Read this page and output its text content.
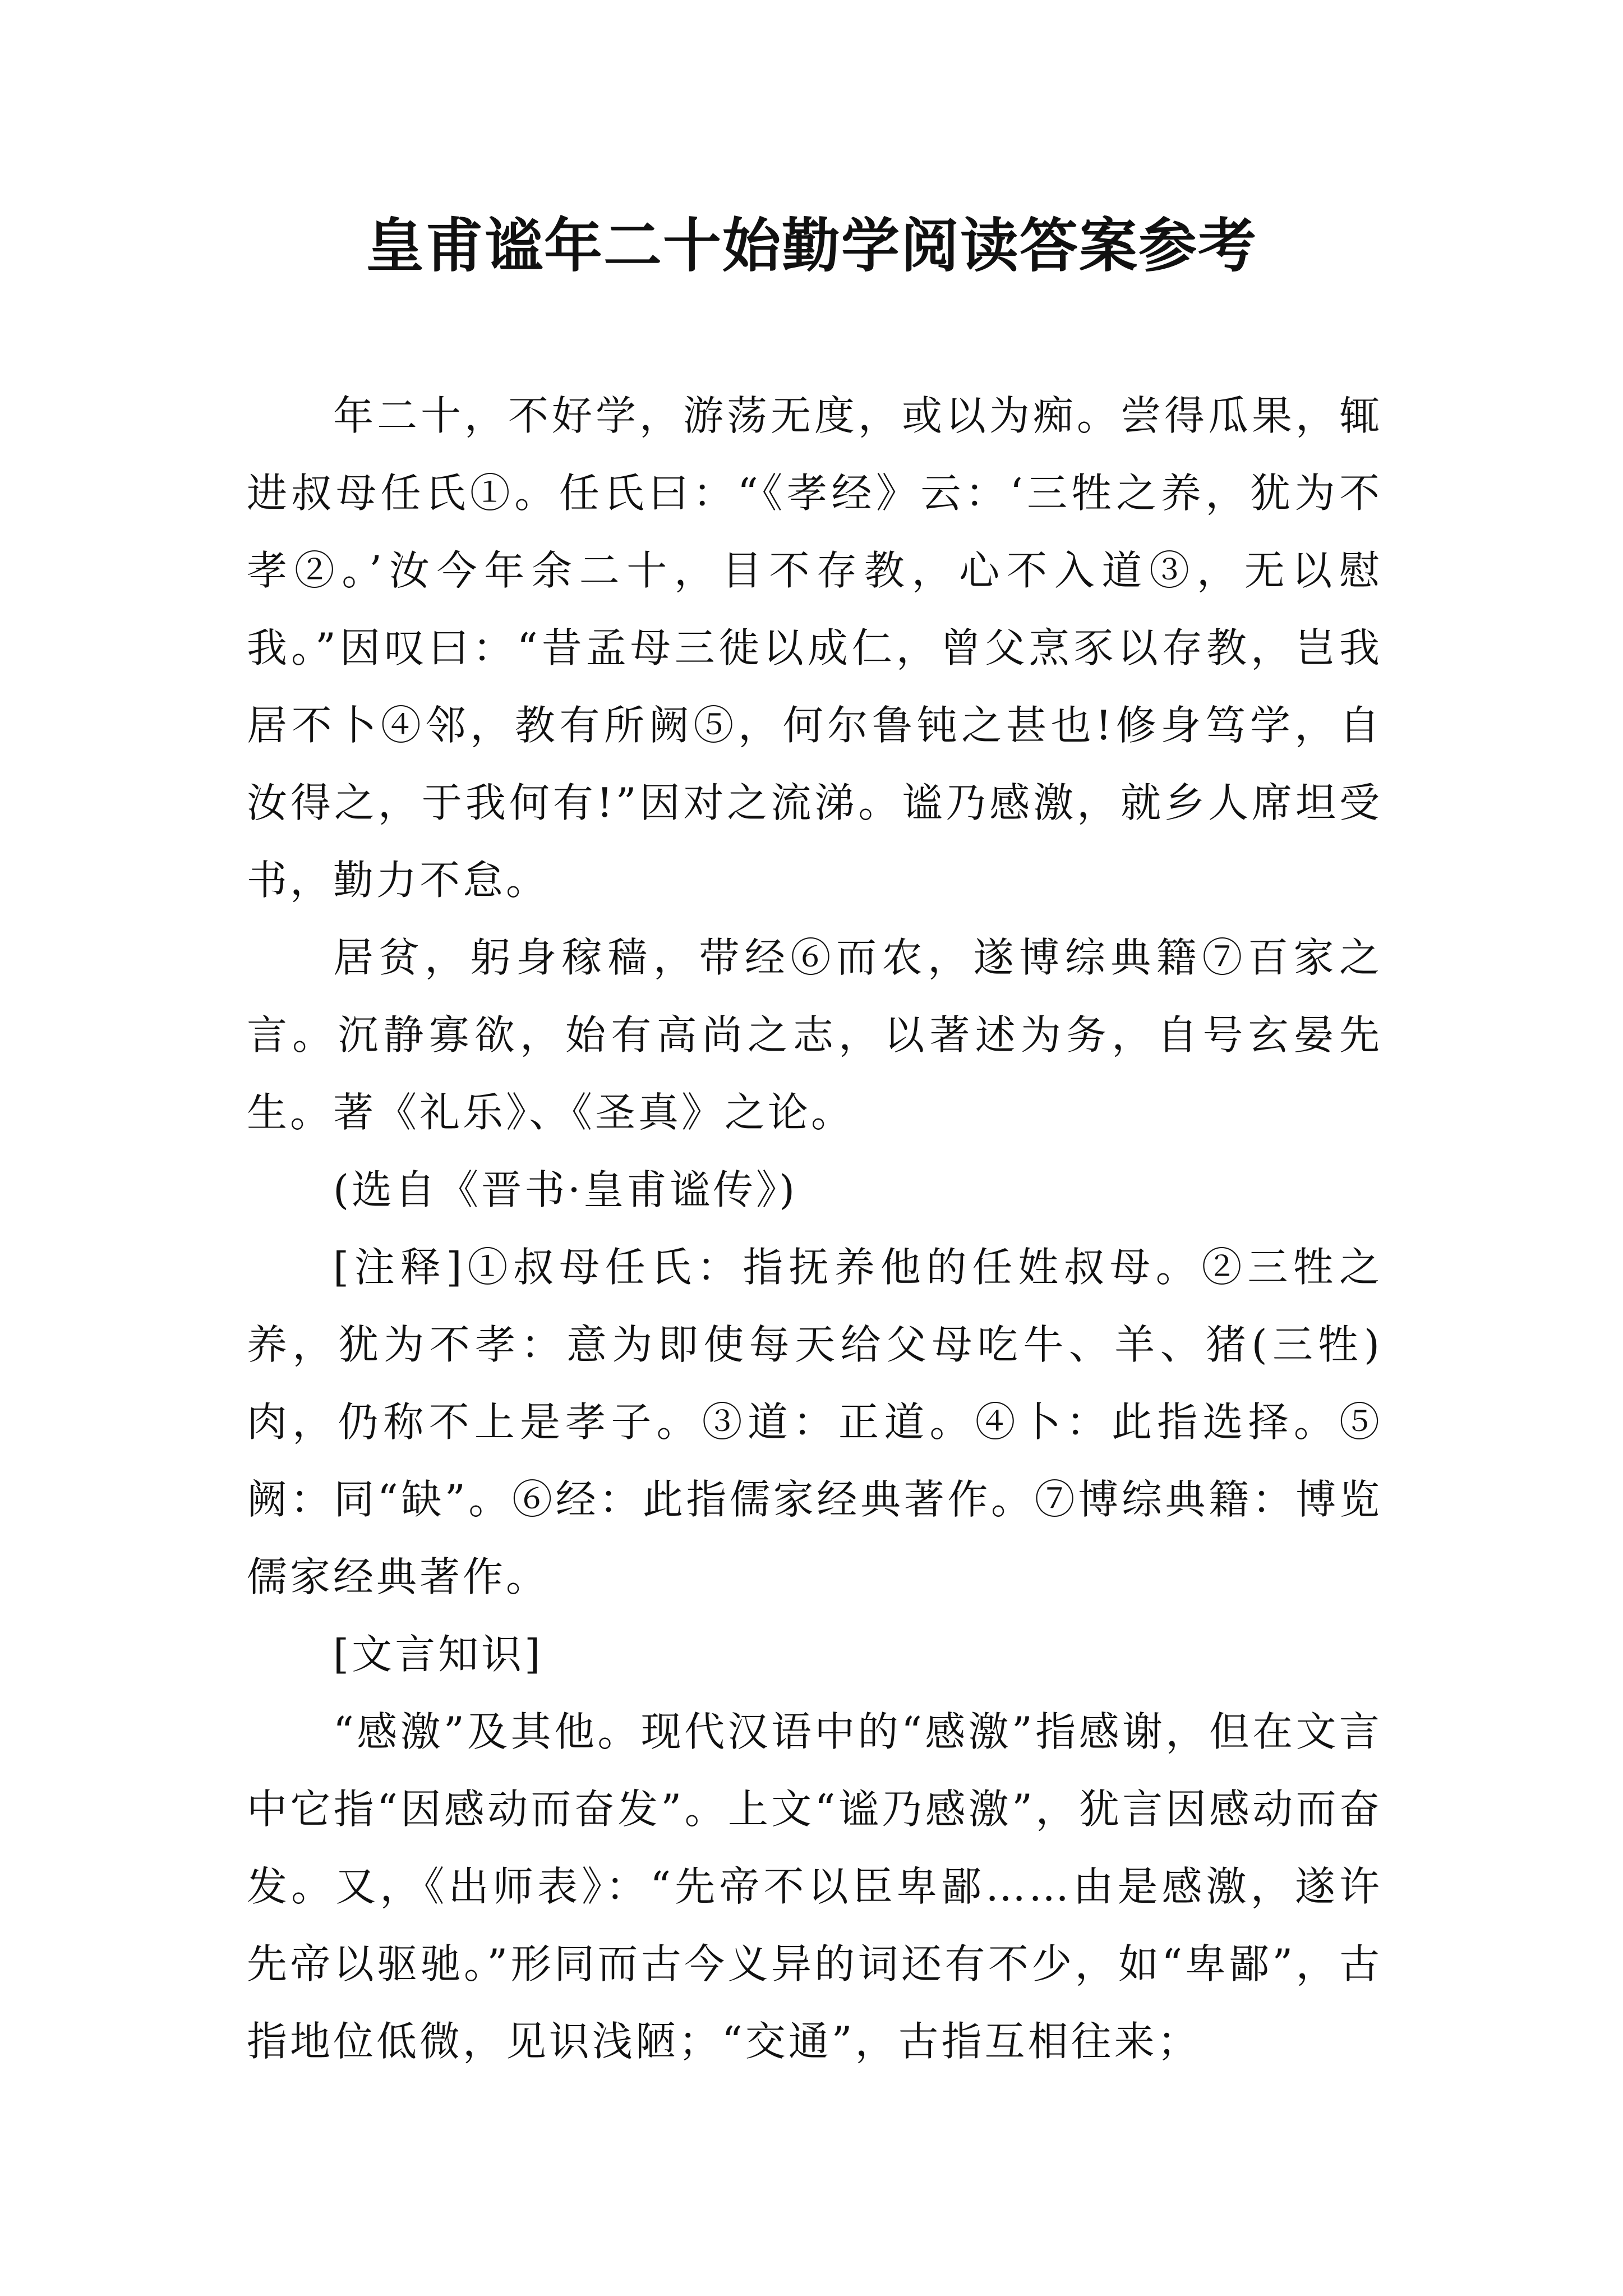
皇甫谧年二十始勤学阅读答案参考

年二十，不好学，游荡无度，或以为痴。尝得瓜果，辄进叔母任氏①。任氏曰：“《孝经》云：‘三牲之养，犹为不孝②。’汝今年余二十，目不存教，心不入道③，无以慰我。”因叹曰：“昔孟母三徙以成仁，曾父烹豕以存教，岂我居不卜④邻，教有所阙⑤，何尔鲁钝之甚也!修身笃学，自汝得之，于我何有!”因对之流涕。谧乃感激，就乡人席坦受书，勤力不怠。

居贫，躬身稼穑，带经⑥而农，遂博综典籍⑦百家之言。沉静寡欲，始有高尚之志，以著述为务，自号玄晏先生。著《礼乐》、《圣真》之论。

(选自《晋书·皇甫谧传》)

[注释]①叔母任氏：指抚养他的任姓叔母。②三牲之养，犹为不孝：意为即使每天给父母吃牛、羊、猪(三牲)肉，仍称不上是孝子。③道：正道。④卜：此指选择。⑤阙：同“缺”。⑥经：此指儒家经典著作。⑦博综典籍：博览儒家经典著作。

[文言知识]

“感激”及其他。现代汉语中的“感激”指感谢，但在文言中它指“因感动而奋发”。上文“谧乃感激”，犹言因感动而奋发。又，《出师表》：“先帝不以臣卑鄙……由是感激，遂许先帝以驱驰。”形同而古今义异的词还有不少，如“卑鄙”，古指地位低微，见识浅陋；“交通”，古指互相往来；
